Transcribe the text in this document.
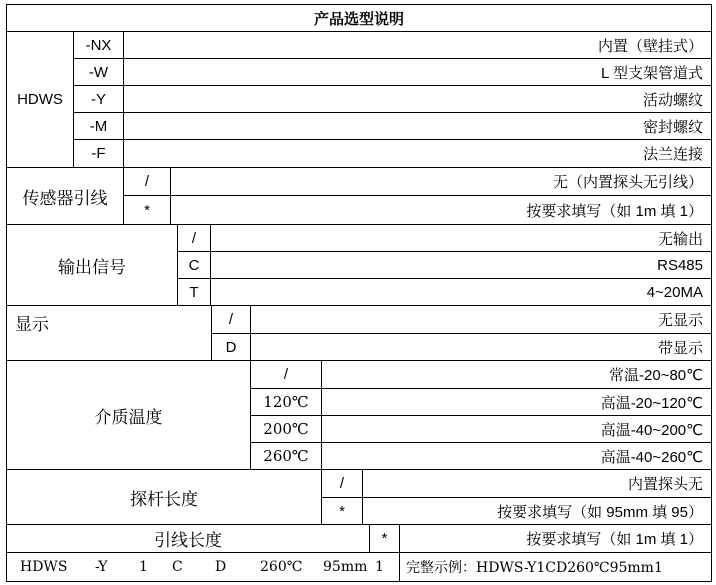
产品选型说明
HDWS
-NX	内置（壁挂式）
-W	L 型支架管道式
-Y	活动螺纹
-M	密封螺纹
-F	法兰连接
传感器引线
/	无（内置探头无引线）
*	按要求填写（如 1m 填 1）
输出信号
/	无输出
C	RS485
T	4~20MA
显示	/	无显示
D	带显示
介质温度
/	常温-20~80℃
120℃	高温-20~120℃
200℃	高温-40~200℃
260℃	高温-40~260℃
探杆长度
/	内置探头无
*	按要求填写（如 95mm 填 95）
引线长度	*	按要求填写（如 1m 填 1）
HDWS -Y 1 C D 260℃ 95mm 1	完整示例：HDWS-Y1CD260℃95mm1
